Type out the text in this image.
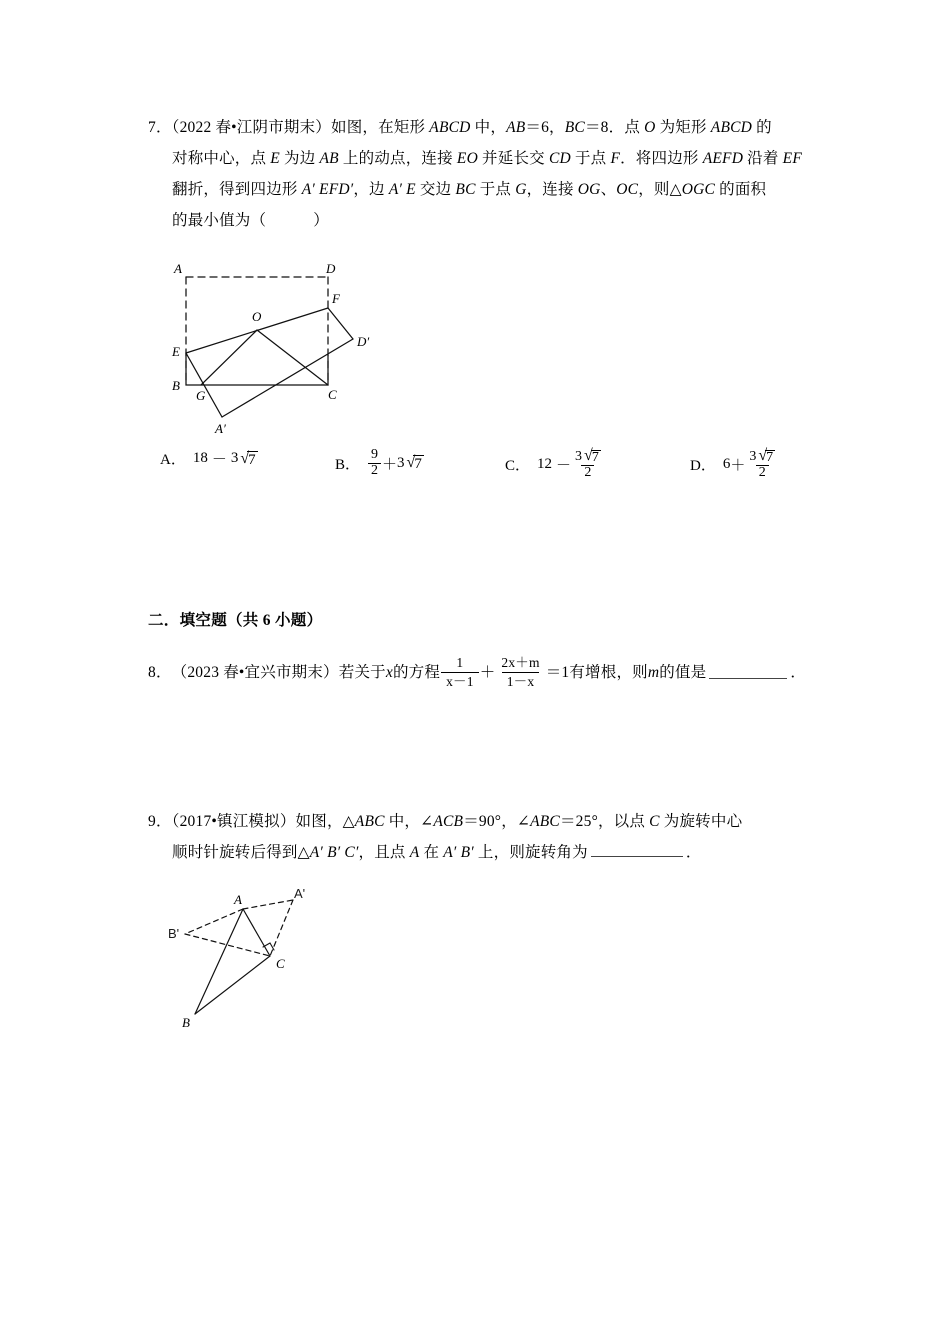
7．（2022 春•江阴市期末）如图，在矩形 ABCD 中，AB＝6，BC＝8．点 O 为矩形 ABCD 的
对称中心，点 E 为边 AB 上的动点，连接 EO 并延长交 CD 于点 F．将四边形 AEFD 沿着 EF
翻折，得到四边形 A′ EFD′，边 A′ E 交边 BC 于点 G，连接 OG、OC，则△OGC 的面积
的最小值为（　　　）
A	D
F
O
D′
E
B
G	C
A′
A． 18 － 3 √7	B． $\frac{9}{2} + 3$ √7	C． $12 - \frac{3 √7}{2}$	D． $6 + \frac{3 √7}{2}$
二．填空题（共 6 小题）
8． （2023 春•宜兴市期末） 若关于 x 的方程 $\frac{1}{x-1} + \frac{2x+m}{1-x} =1$ 有增根，则 m 的值是	．
9．（2017•镇江模拟）如图，△ABC 中，∠ACB＝90°，∠ABC＝25°，以点 C 为旋转中心
顺时针旋转后得到△A′ B′ C′，且点 A 在 A′ B′ 上，则旋转角为	．
A	A'
B'
C
B
